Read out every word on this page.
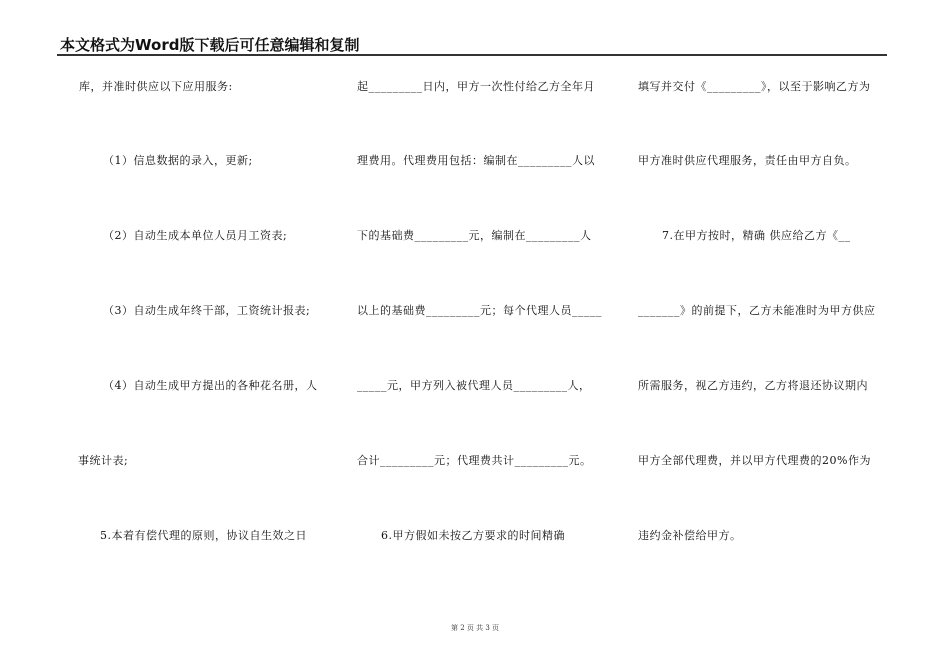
本文格式为Word版下载后可任意编辑和复制
库，并准时供应以下应用服务:
（1）信息数据的录入，更新;
（2）自动生成本单位人员月工资表;
（3）自动生成年终干部，工资统计报表;
（4）自动生成甲方提出的各种花名册，人
事统计表;
5.本着有偿代理的原则，协议自生效之日
起_________日内，甲方一次性付给乙方全年月
理费用。代理费用包括：编制在_________人以
下的基础费_________元，编制在_________人
以上的基础费_________元；每个代理人员_____
_____元，甲方列入被代理人员_________人，
合计_________元；代理费共计_________元。
6.甲方假如未按乙方要求的时间精确
填写并交付《_________》，以至于影响乙方为
甲方准时供应代理服务，责任由甲方自负。
7.在甲方按时，精确 供应给乙方《__
_______》的前提下，乙方未能准时为甲方供应
所需服务，视乙方违约，乙方将退还协议期内
甲方全部代理费，并以甲方代理费的20%作为
违约金补偿给甲方。
第 2 页 共 3 页
